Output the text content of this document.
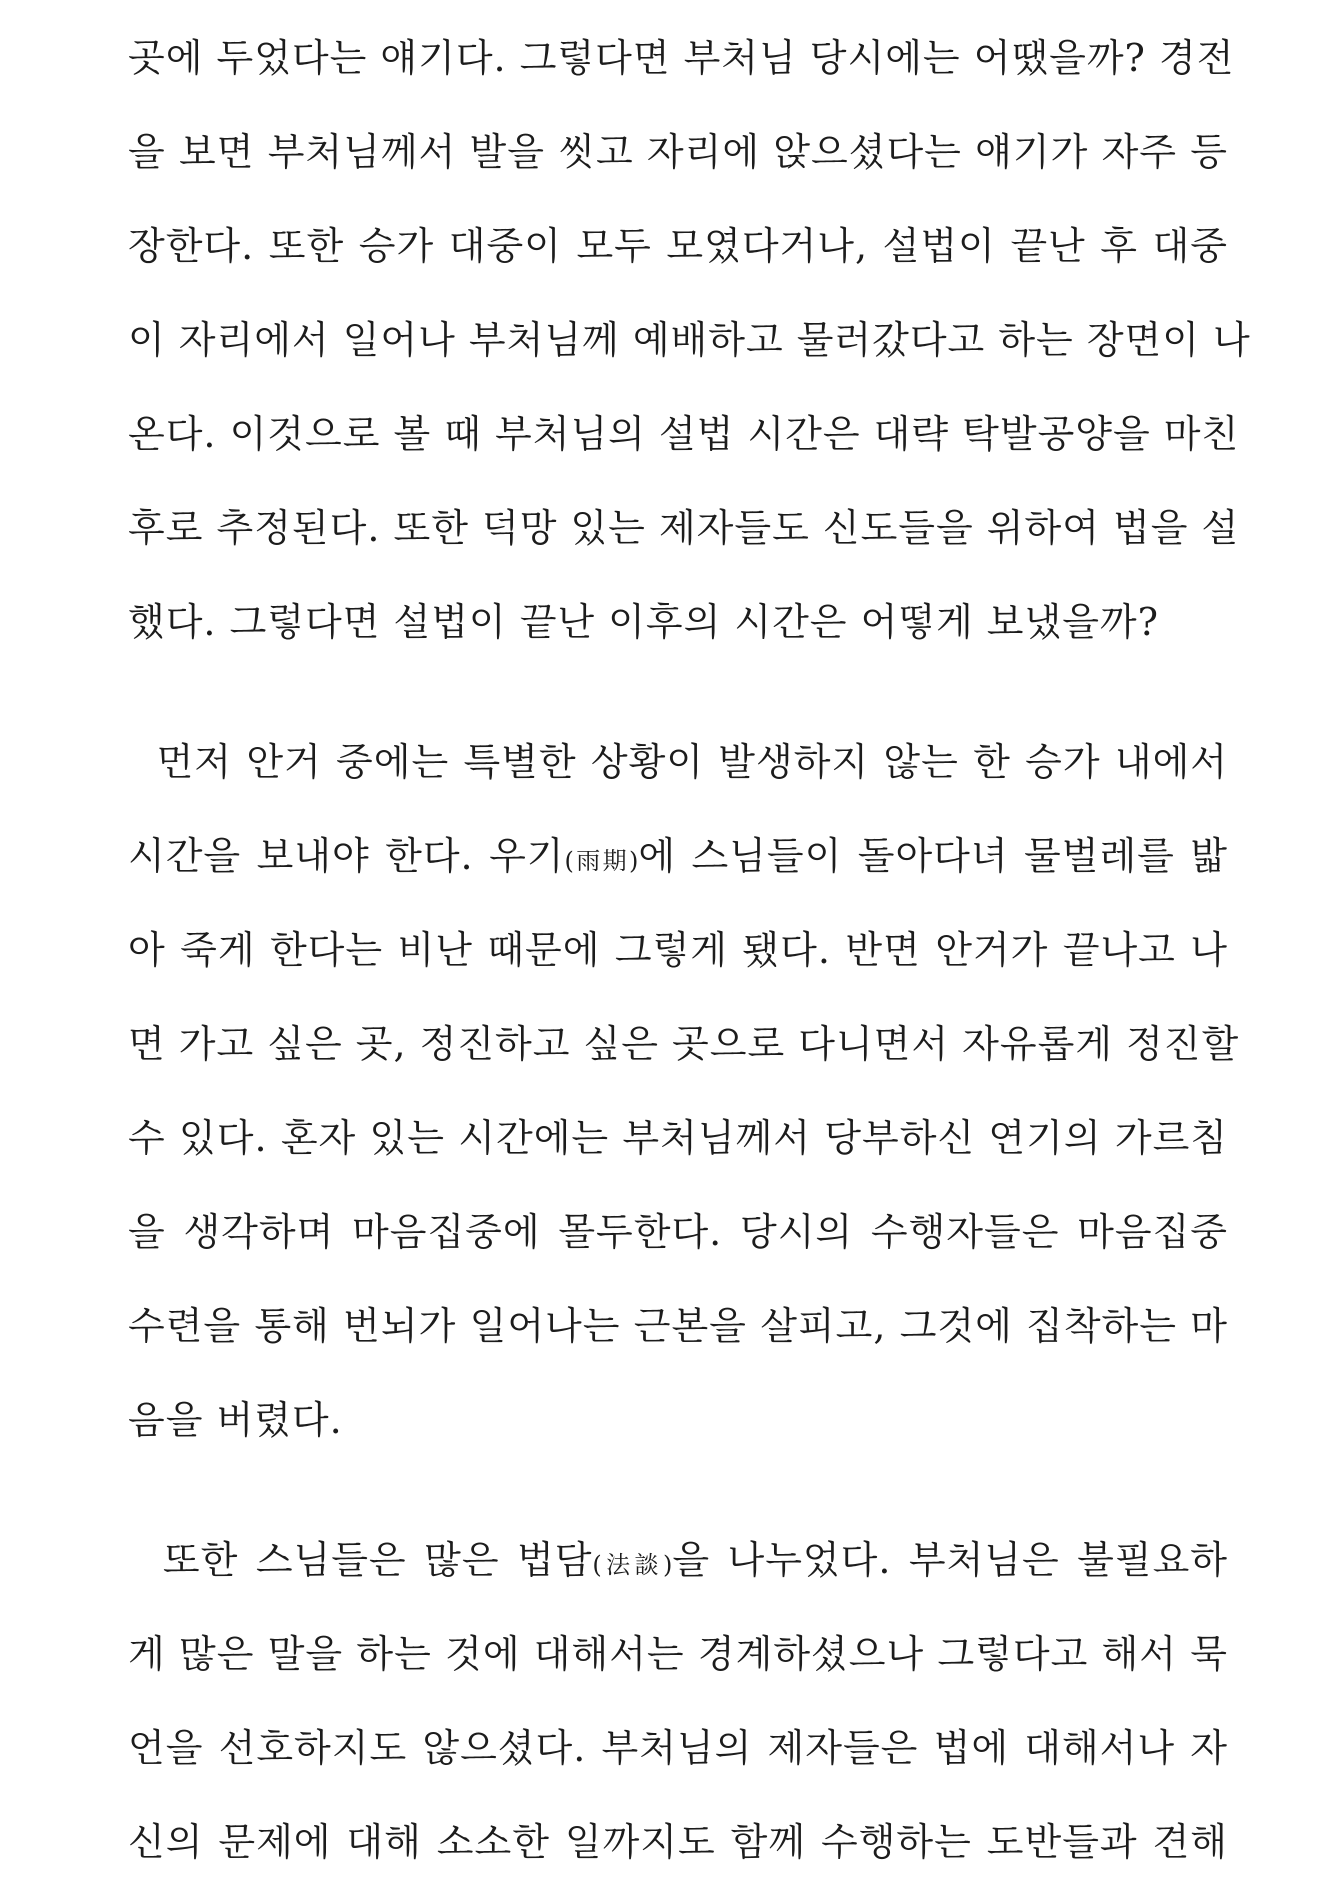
곳에 두었다는 얘기다. 그렇다면 부처님 당시에는 어땠을까? 경전
을 보면 부처님께서 발을 씻고 자리에 앉으셨다는 얘기가 자주 등
장한다. 또한 승가 대중이 모두 모였다거나, 설법이 끝난 후 대중
이 자리에서 일어나 부처님께 예배하고 물러갔다고 하는 장면이 나
온다. 이것으로 볼 때 부처님의 설법 시간은 대략 탁발공양을 마친
후로 추정된다. 또한 덕망 있는 제자들도 신도들을 위하여 법을 설
했다. 그렇다면 설법이 끝난 이후의 시간은 어떻게 보냈을까?
먼저 안거 중에는 특별한 상황이 발생하지 않는 한 승가 내에서
시간을 보내야 한다. 우기(雨期)에 스님들이 돌아다녀 물벌레를 밟
아 죽게 한다는 비난 때문에 그렇게 됐다. 반면 안거가 끝나고 나
면 가고 싶은 곳, 정진하고 싶은 곳으로 다니면서 자유롭게 정진할
수 있다. 혼자 있는 시간에는 부처님께서 당부하신 연기의 가르침
을 생각하며 마음집중에 몰두한다. 당시의 수행자들은 마음집중
수련을 통해 번뇌가 일어나는 근본을 살피고, 그것에 집착하는 마
음을 버렸다.
또한 스님들은 많은 법담(法談)을 나누었다. 부처님은 불필요하
게 많은 말을 하는 것에 대해서는 경계하셨으나 그렇다고 해서 묵
언을 선호하지도 않으셨다. 부처님의 제자들은 법에 대해서나 자
신의 문제에 대해 소소한 일까지도 함께 수행하는 도반들과 견해
